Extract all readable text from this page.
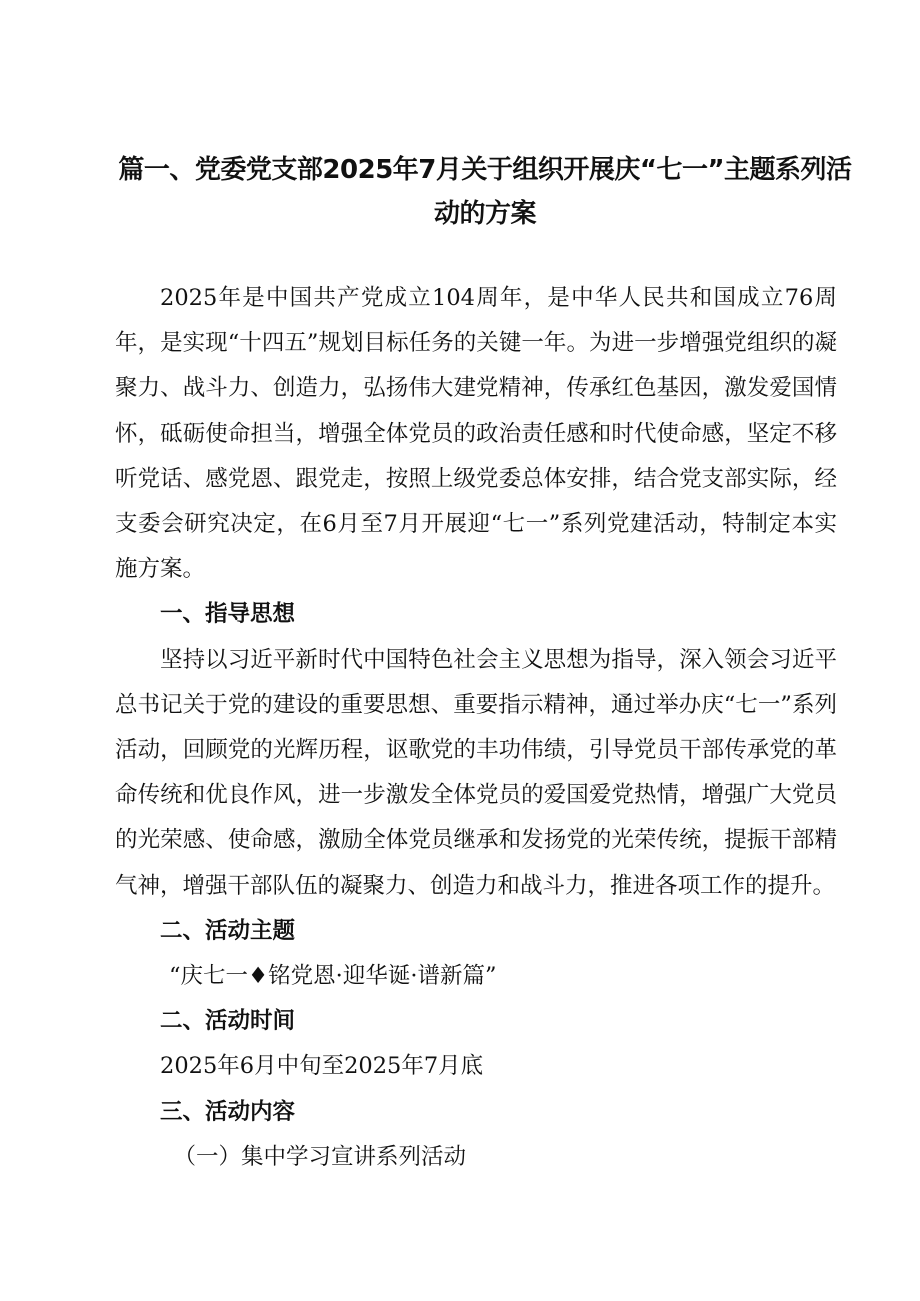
篇一、党委党支部2025年7月关于组织开展庆“七一”主题系列活动的方案

2025年是中国共产党成立104周年，是中华人民共和国成立76周年，是实现“十四五”规划目标任务的关键一年。为进一步增强党组织的凝聚力、战斗力、创造力，弘扬伟大建党精神，传承红色基因，激发爱国情怀，砥砺使命担当，增强全体党员的政治责任感和时代使命感，坚定不移听党话、感党恩、跟党走，按照上级党委总体安排，结合党支部实际，经支委会研究决定，在6月至7月开展迎“七一”系列党建活动，特制定本实施方案。

一、指导思想

坚持以习近平新时代中国特色社会主义思想为指导，深入领会习近平总书记关于党的建设的重要思想、重要指示精神，通过举办庆“七一”系列活动，回顾党的光辉历程，讴歌党的丰功伟绩，引导党员干部传承党的革命传统和优良作风，进一步激发全体党员的爱国爱党热情，增强广大党员的光荣感、使命感，激励全体党员继承和发扬党的光荣传统，提振干部精气神，增强干部队伍的凝聚力、创造力和战斗力，推进各项工作的提升。

二、活动主题

“庆七一♦铭党恩·迎华诞·谱新篇”

二、活动时间

2025年6月中旬至2025年7月底

三、活动内容

（一）集中学习宣讲系列活动
